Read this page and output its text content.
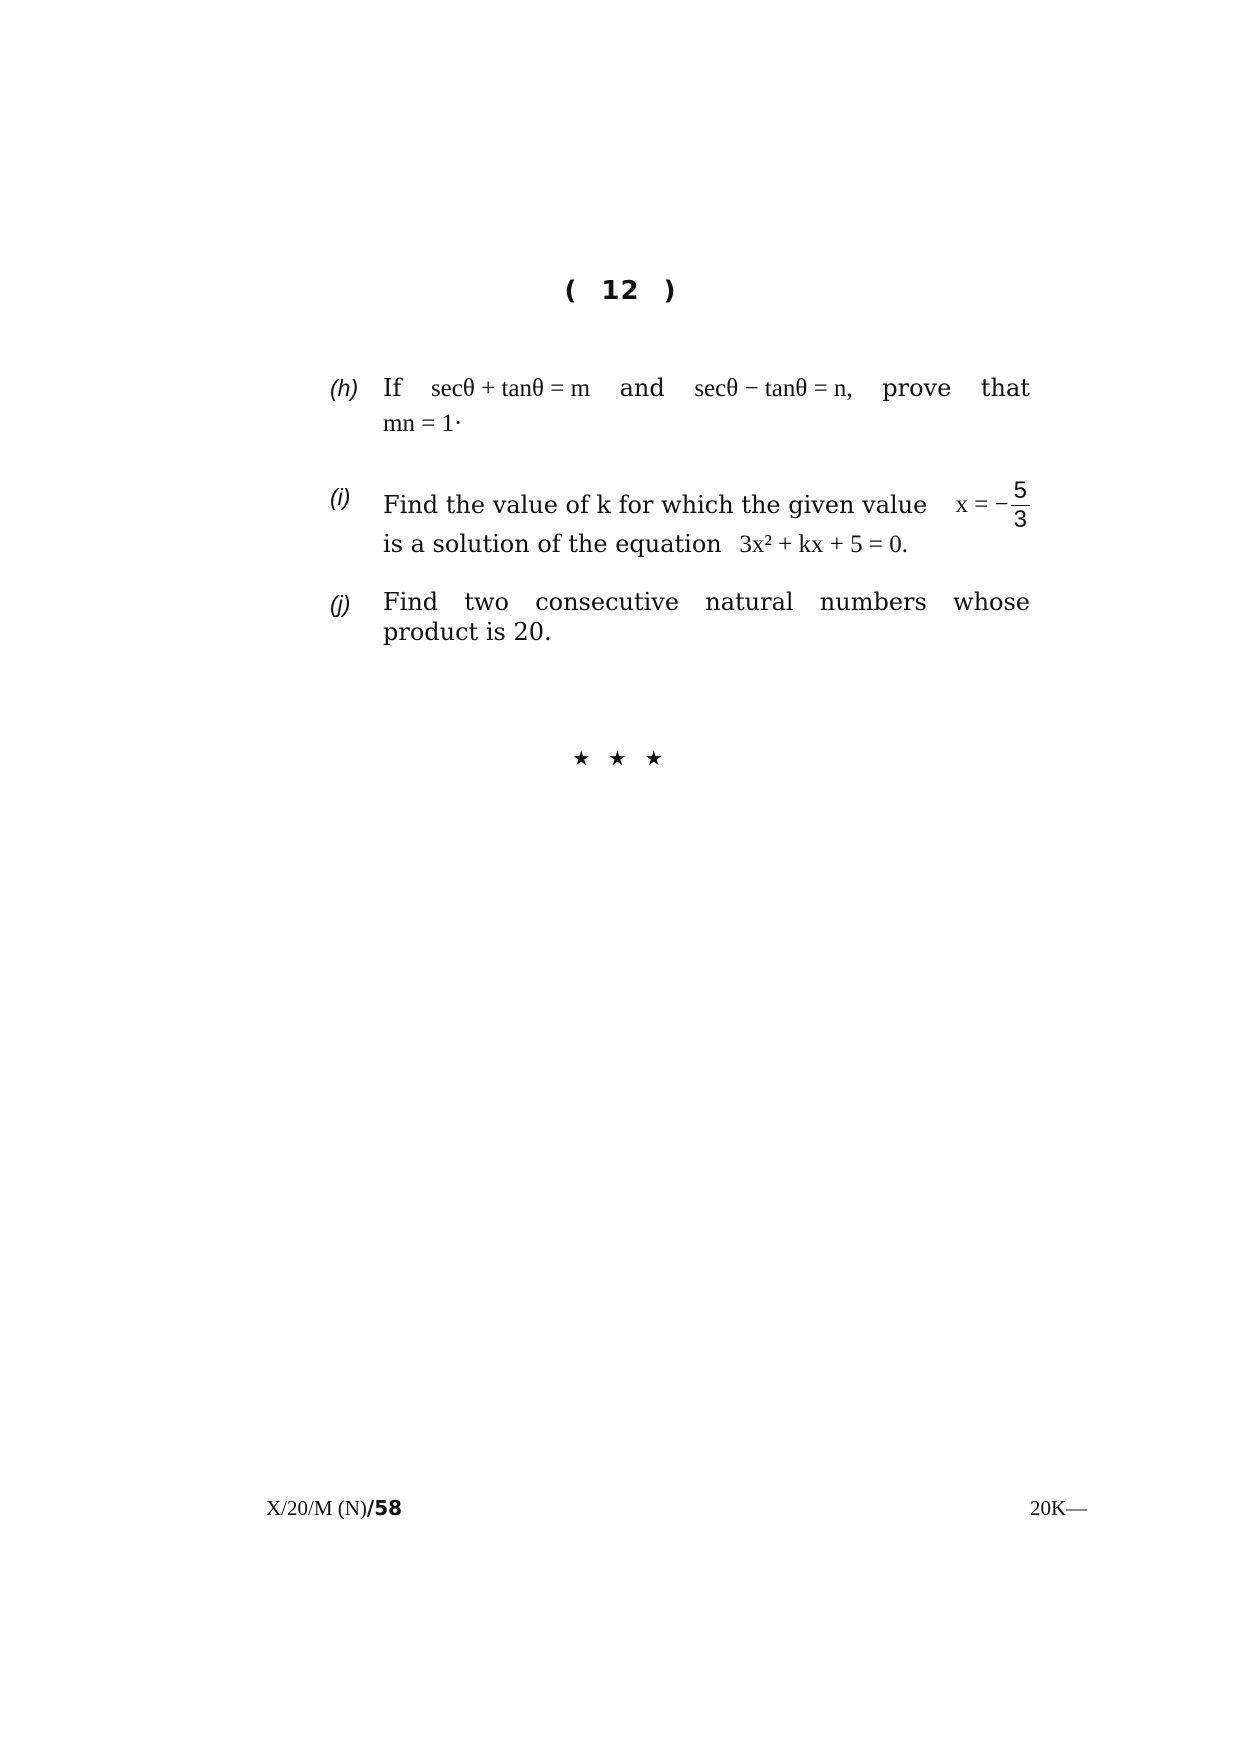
( 12 )
(h) If secθ + tanθ = m and secθ − tanθ = n, prove that
mn = 1·
(i) Find the value of k for which the given value x = − $\frac{5}{3}$
is a solution of the equation 3x² + kx + 5 = 0.
(j) Find two consecutive natural numbers whose
product is 20.
★ ★ ★
X/20/M (N)/58	20K—
